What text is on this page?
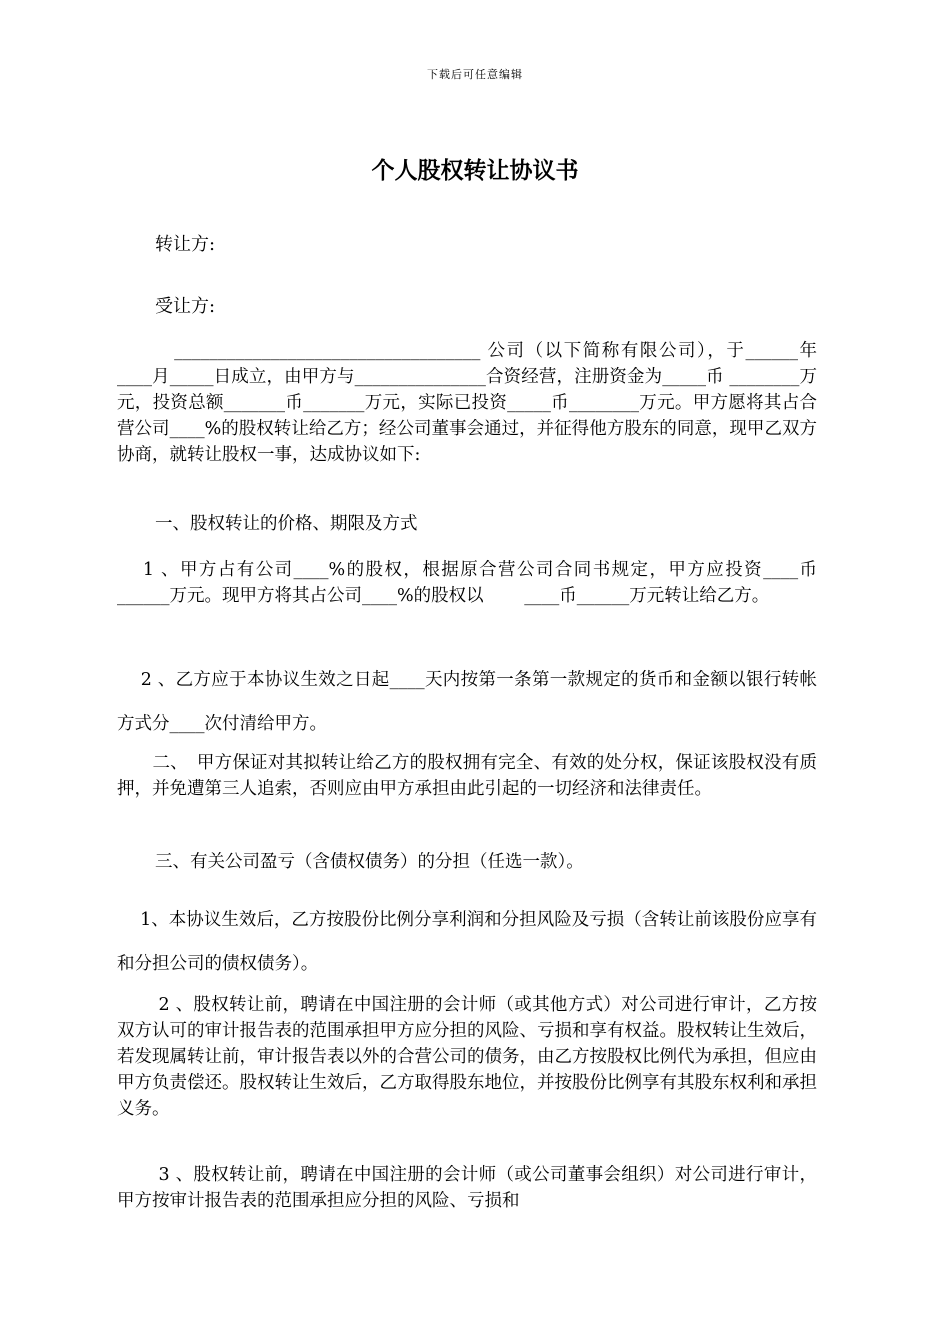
下载后可任意编辑
个人股权转让协议书
转让方:
受让方:

　　　___________________________________ 公司（以下简称有限公司），于______年____月_____日成立，由甲方与_______________合资经营，注册资金为_____币 ________万元，投资总额_______币_______万元，实际已投资_____币________万元。甲方愿将其占合营公司____%的股权转让给乙方；经公司董事会通过，并征得他方股东的同意，现甲乙双方协商，就转让股权一事，达成协议如下:

一、股权转让的价格、期限及方式

　 1 、甲方占有公司____%的股权，根据原合营公司合同书规定，甲方应投资____币______万元。现甲方将其占公司____%的股权以　　 ____币______万元转让给乙方。

　 2 、乙方应于本协议生效之日起____天内按第一条第一款规定的货币和金额以银行转帐方式分____次付清给甲方。

　　二、　甲方保证对其拟转让给乙方的股权拥有完全、有效的处分权，保证该股权没有质押，并免遭第三人追索，否则应由甲方承担由此引起的一切经济和法律责任。

三、有关公司盈亏（含债权债务）的分担（任选一款）。

　 1、本协议生效后，乙方按股份比例分享利润和分担风险及亏损（含转让前该股份应享有和分担公司的债权债务）。

　　 2 、股权转让前，聘请在中国注册的会计师（或其他方式）对公司进行审计，乙方按双方认可的审计报告表的范围承担甲方应分担的风险、亏损和享有权益。股权转让生效后，若发现属转让前，审计报告表以外的合营公司的债务，由乙方按股权比例代为承担，但应由甲方负责偿还。股权转让生效后，乙方取得股东地位，并按股份比例享有其股东权利和承担义务。

　　 3 、股权转让前，聘请在中国注册的会计师（或公司董事会组织）对公司进行审计，甲方按审计报告表的范围承担应分担的风险、亏损和
